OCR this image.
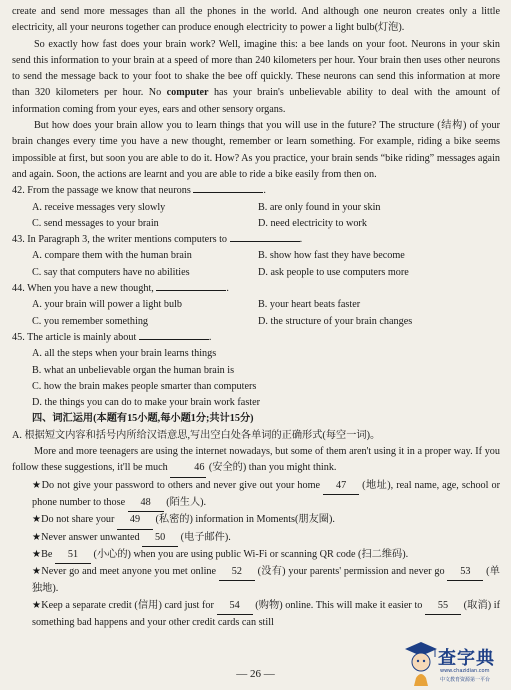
create and send more messages than all the phones in the world. And although one neuron creates only a little electricity, all your neurons together can produce enough electricity to power a light bulb(灯泡).

So exactly how fast does your brain work? Well, imagine this: a bee lands on your foot. Neurons in your skin send this information to your brain at a speed of more than 240 kilometers per hour. Your brain then uses other neurons to send the message back to your foot to shake the bee off quickly. These neurons can send this information at more than 320 kilometers per hour. No computer has your brain's unbelievable ability to deal with the amount of information coming from your eyes, ears and other sensory organs.

But how does your brain allow you to learn things that you will use in the future? The structure (结构) of your brain changes every time you have a new thought, remember or learn something. For example, riding a bike seems impossible at first, but soon you are able to do it. How? As you practice, your brain sends “bike riding” messages again and again. Soon, the actions are learnt and you are able to ride a bike easily from then on.

42. From the passage we know that neurons	.

A. receive messages very slowly	B. are only found in your skin
C. send messages to your brain	D. need electricity to work

43. In Paragraph 3, the writer mentions computers to	.

A. compare them with the human brain	B. show how fast they have become
C. say that computers have no abilities	D. ask people to use computers more

44. When you have a new thought,	.

A. your brain will power a light bulb	B. your heart beats faster
C. you remember something	D. the structure of your brain changes

45. The article is mainly about	.

A. all the steps when your brain learns things
B. what an unbelievable organ the human brain is
C. how the brain makes people smarter than computers
D. the things you can do to make your brain work faster
四、词汇运用(本题有15小题,每小题1分;共计15分)

A. 根据短文内容和括号内所给汉语意思,写出空白处各单词的正确形式(每空一词)。

More and more teenagers are using the internet nowadays, but some of them aren't using it in a proper way. If you follow these suggestions, it'll be much 46 (安全的) than you might think.

★Do not give your password to others and never give out your home 47 (地址), real name, age, school or phone number to those 48 (陌生人).

★Do not share your 49 (私密的) information in Moments(朋友圈).

★Never answer unwanted 50 (电子邮件).

★Be 51 (小心的) when you are using public Wi-Fi or scanning QR code (扫二维码).

★Never go and meet anyone you met online 52 (没有) your parents' permission and never go 53 (单独地).

★Keep a separate credit (信用) card just for 54 (购物) online. This will make it easier to 55 (取消) if something bad happens and your other credit cards can still

— 26 —
查字典
www.chazidian.com
中文教育资源第一平台
